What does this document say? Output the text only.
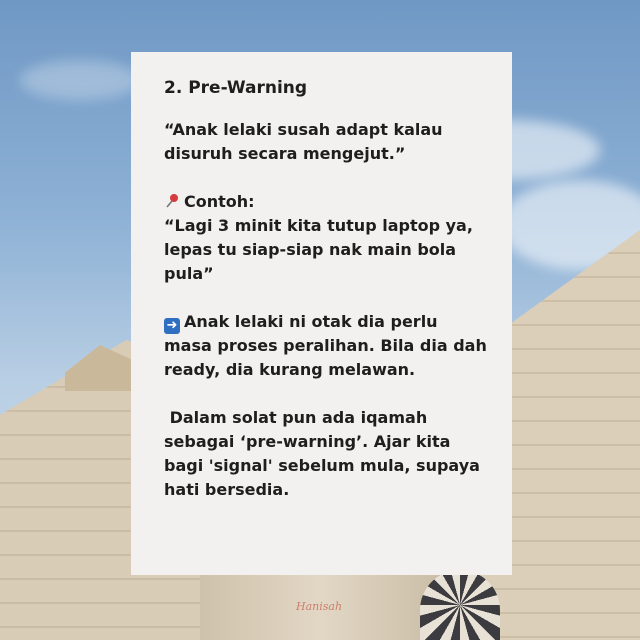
2. Pre-Warning

“Anak lelaki susah adapt kalau disuruh secara mengejut.”

Contoh:

“Lagi 3 minit kita tutup laptop ya, lepas tu siap-siap nak main bola pula”

➜ Anak lelaki ni otak dia perlu masa proses peralihan. Bila dia dah ready, dia kurang melawan.

Dalam solat pun ada iqamah sebagai ‘pre-warning’. Ajar kita bagi 'signal' sebelum mula, supaya hati bersedia.

Hanisah
